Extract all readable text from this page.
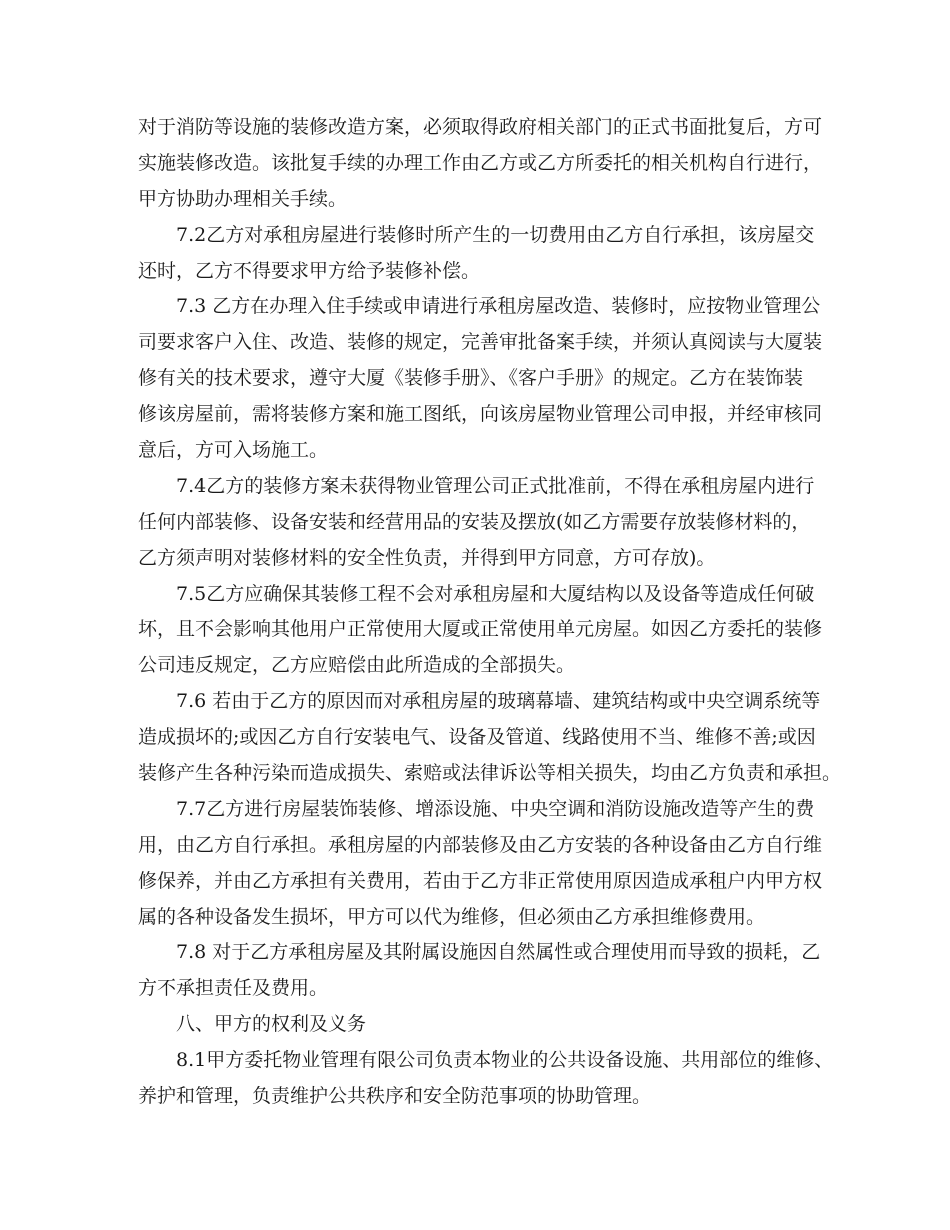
对于消防等设施的装修改造方案，必须取得政府相关部门的正式书面批复后，方可
实施装修改造。该批复手续的办理工作由乙方或乙方所委托的相关机构自行进行，
甲方协助办理相关手续。
7.2乙方对承租房屋进行装修时所产生的一切费用由乙方自行承担，该房屋交
还时，乙方不得要求甲方给予装修补偿。
7.3 乙方在办理入住手续或申请进行承租房屋改造、装修时，应按物业管理公
司要求客户入住、改造、装修的规定，完善审批备案手续，并须认真阅读与大厦装
修有关的技术要求，遵守大厦《装修手册》、《客户手册》的规定。乙方在装饰装
修该房屋前，需将装修方案和施工图纸，向该房屋物业管理公司申报，并经审核同
意后，方可入场施工。
7.4乙方的装修方案未获得物业管理公司正式批准前，不得在承租房屋内进行
任何内部装修、设备安装和经营用品的安装及摆放(如乙方需要存放装修材料的，
乙方须声明对装修材料的安全性负责，并得到甲方同意，方可存放)。
7.5乙方应确保其装修工程不会对承租房屋和大厦结构以及设备等造成任何破
坏，且不会影响其他用户正常使用大厦或正常使用单元房屋。如因乙方委托的装修
公司违反规定，乙方应赔偿由此所造成的全部损失。
7.6 若由于乙方的原因而对承租房屋的玻璃幕墙、建筑结构或中央空调系统等
造成损坏的;或因乙方自行安装电气、设备及管道、线路使用不当、维修不善;或因
装修产生各种污染而造成损失、索赔或法律诉讼等相关损失，均由乙方负责和承担。
7.7乙方进行房屋装饰装修、增添设施、中央空调和消防设施改造等产生的费
用，由乙方自行承担。承租房屋的内部装修及由乙方安装的各种设备由乙方自行维
修保养，并由乙方承担有关费用，若由于乙方非正常使用原因造成承租户内甲方权
属的各种设备发生损坏，甲方可以代为维修，但必须由乙方承担维修费用。
7.8 对于乙方承租房屋及其附属设施因自然属性或合理使用而导致的损耗，乙
方不承担责任及费用。
八、甲方的权利及义务
8.1甲方委托物业管理有限公司负责本物业的公共设备设施、共用部位的维修、
养护和管理，负责维护公共秩序和安全防范事项的协助管理。
